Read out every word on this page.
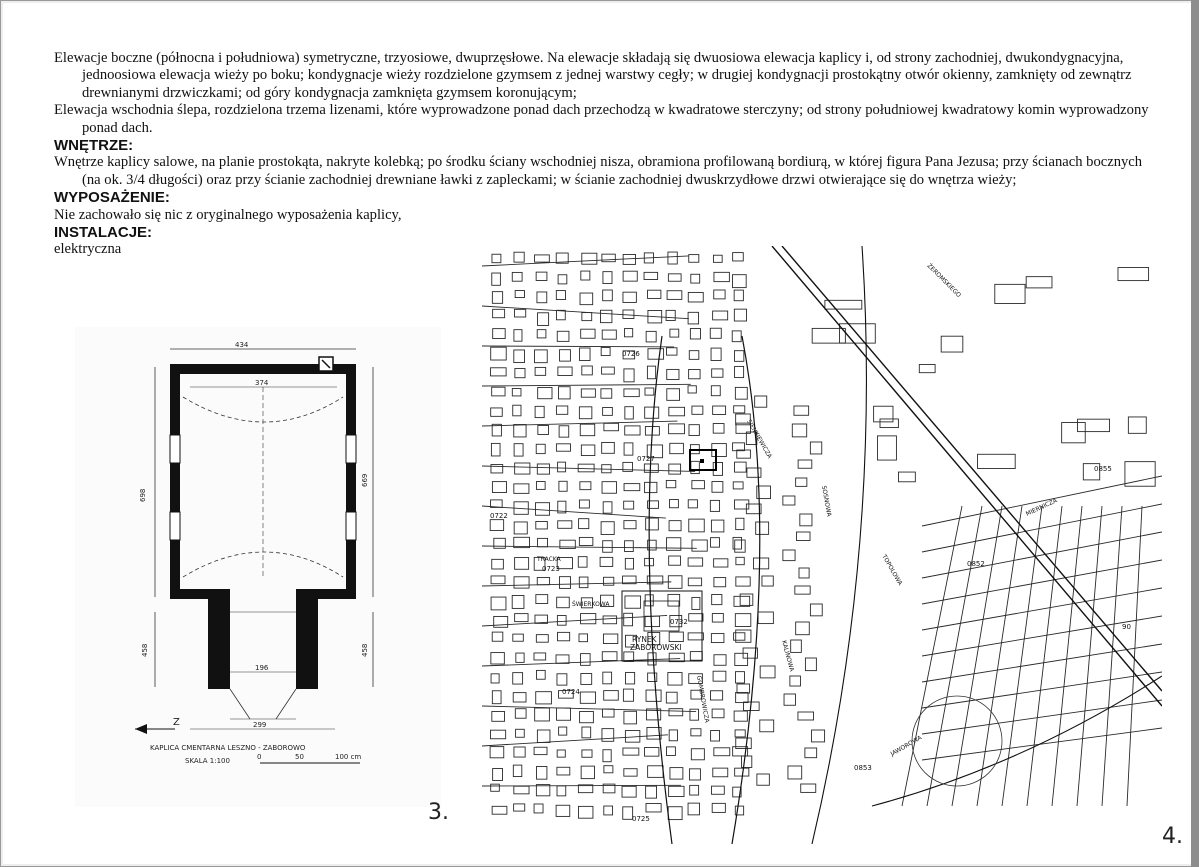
Elewacje boczne (północna i południowa) symetryczne, trzyosiowe, dwuprzęsłowe. Na elewacje składają się dwuosiowa elewacja kaplicy i, od strony zachodniej, dwukondygnacyjna, jednoosiowa elewacja wieży po boku; kondygnacje wieży rozdzielone gzymsem z jednej warstwy cegły; w drugiej kondygnacji prostokątny otwór okienny, zamknięty od zewnątrz drewnianymi drzwiczkami; od góry kondygnacja zamknięta gzymsem koronującym;

Elewacja wschodnia ślepa, rozdzielona trzema lizenami, które wyprowadzone ponad dach przechodzą w kwadratowe sterczyny; od strony południowej kwadratowy komin wyprowadzony ponad dach.

WNĘTRZE:

Wnętrze kaplicy salowe, na planie prostokąta, nakryte kolebką; po środku ściany wschodniej nisza, obramiona profilowaną bordiurą, w której figura Pana Jezusa; przy ścianach bocznych (na ok. 3/4 długości) oraz przy ścianie zachodniej drewniane ławki z zapleckami; w ścianie zachodniej dwuskrzydłowe drzwi otwierające się do wnętrza wieży;

WYPOSAŻENIE:

Nie zachowało się nic z oryginalnego wyposażenia kaplicy,

INSTALACJE:

elektryczna

434
374
698
669
458	458
196
299
Z
KAPLICA CMENTARNA LESZNO - ZABOROWO
SKALA 1:100	0	50	100 cm
RYNEK
ZABOROWSKI
ŻEROMSKIEGO
SOSNOWA
SIENKIEWICZA
TRACKA
MIERNICZA
TOPOLOWA
JAWOROWA
KALINOWA
GOMBROWICZA
ŚWIERKOWA
0722
0723
0724
0725
0726
0727
0732
0855
0853
0852
90
3.
4.
